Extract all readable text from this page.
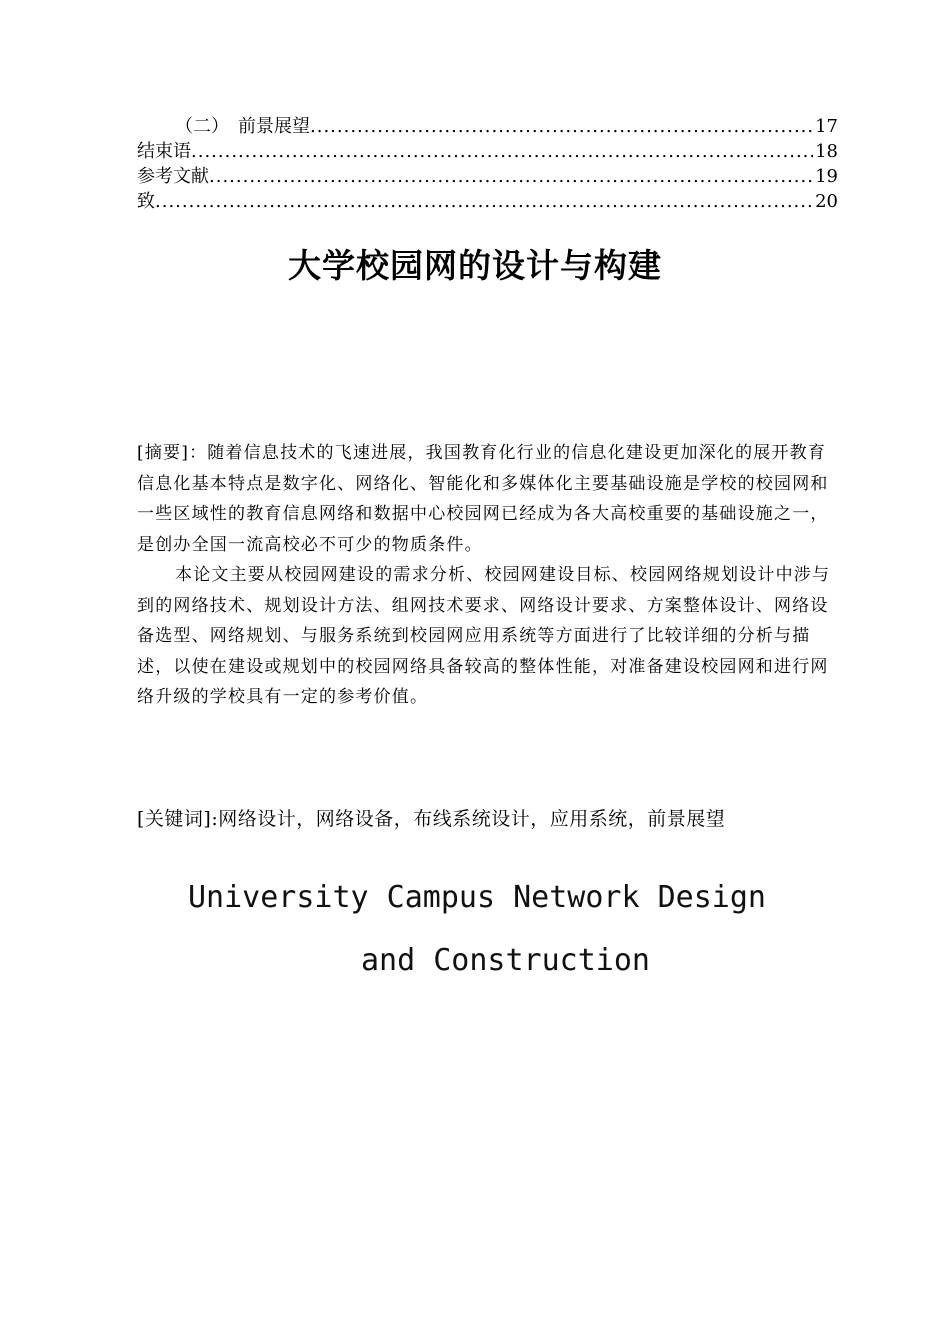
（二）　前景展望 .....	17
结束语 .....	18
参考文献 .....	19
致 .....	20
大学校园网的设计与构建

[摘要]：随着信息技术的飞速进展，我国教育化行业的信息化建设更加深化的展开教育信息化基本特点是数字化、网络化、智能化和多媒体化主要基础设施是学校的校园网和一些区域性的教育信息网络和数据中心校园网已经成为各大高校重要的基础设施之一，是创办全国一流高校必不可少的物质条件。

本论文主要从校园网建设的需求分析、校园网建设目标、校园网络规划设计中涉与到的网络技术、规划设计方法、组网技术要求、网络设计要求、方案整体设计、网络设备选型、网络规划、与服务系统到校园网应用系统等方面进行了比较详细的分析与描述，以使在建设或规划中的校园网络具备较高的整体性能，对准备建设校园网和进行网络升级的学校具有一定的参考价值。

[关键词]:网络设计，网络设备，布线系统设计，应用系统，前景展望
University Campus Network Design
and Construction
